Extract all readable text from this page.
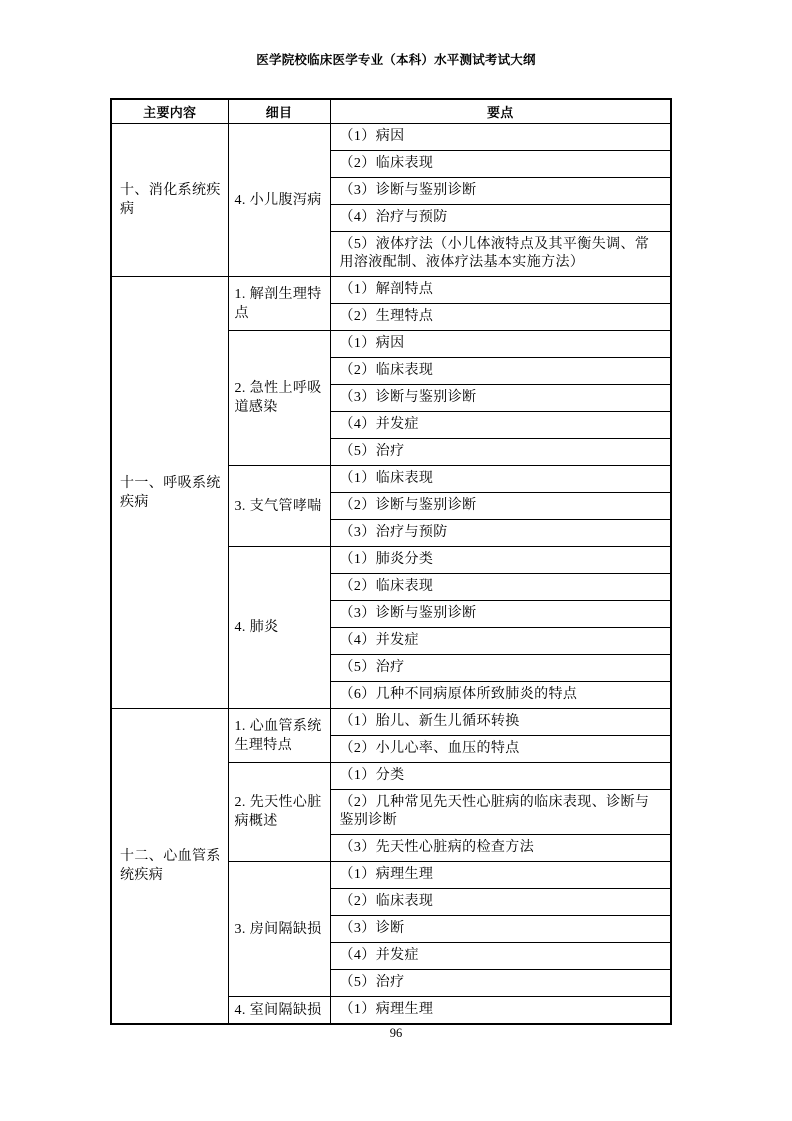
医学院校临床医学专业（本科）水平测试考试大纲
主要内容	细目	要点
十、消化系统疾病	4. 小儿腹泻病	（1）病因
		（2）临床表现
		（3）诊断与鉴别诊断
		（4）治疗与预防
		（5）液体疗法（小儿体液特点及其平衡失调、常用溶液配制、液体疗法基本实施方法）
十一、呼吸系统疾病	1. 解剖生理特点	（1）解剖特点
		（2）生理特点
	2. 急性上呼吸道感染	（1）病因
		（2）临床表现
		（3）诊断与鉴别诊断
		（4）并发症
		（5）治疗
	3. 支气管哮喘	（1）临床表现
		（2）诊断与鉴别诊断
		（3）治疗与预防
	4. 肺炎	（1）肺炎分类
		（2）临床表现
		（3）诊断与鉴别诊断
		（4）并发症
		（5）治疗
		（6）几种不同病原体所致肺炎的特点
十二、心血管系统疾病	1. 心血管系统生理特点	（1）胎儿、新生儿循环转换
		（2）小儿心率、血压的特点
	2. 先天性心脏病概述	（1）分类
		（2）几种常见先天性心脏病的临床表现、诊断与鉴别诊断
		（3）先天性心脏病的检查方法
	3. 房间隔缺损	（1）病理生理
		（2）临床表现
		（3）诊断
		（4）并发症
		（5）治疗
	4. 室间隔缺损	（1）病理生理
96
